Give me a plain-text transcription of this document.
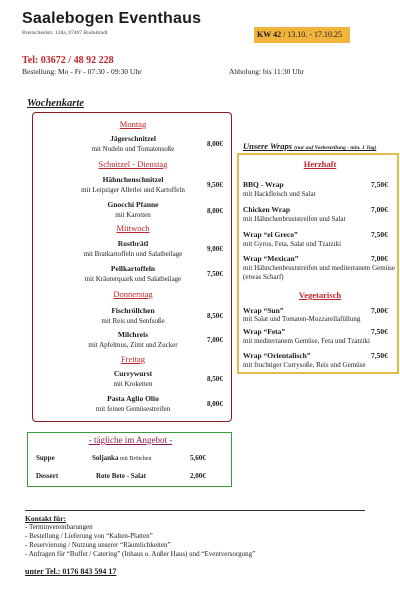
Saalebogen Eventhaus
Breitscheidstr. 128a, 07407 Rudolstadt	KW 42 / 13.10. - 17.10.25
Tel: 03672 / 48 92 228
Bestellung: Mo - Fr - 07:30 - 09:30 Uhr	Abholung: bis 11:30 Uhr
Wochenkarte
Montag
Jägerschnitzel
mit Nudeln und Tomatensoße
8,00€
Schnitzel - Dienstag
Hähnchenschnitzel
mit Leipziger Allerlei und Kartoffeln
9,50€
Gnocchi Pfanne
mit Karotten	8,00€
Mittwoch
Rostbrätl
mit Bratkartoffeln und Salatbeilage
9,00€
Pellkartoffeln
mit Kräuterquark und Salatbeilage
7,50€
Donnerstag
Fischröllchen
mit Reis und Senfsoße
8,50€
Milchreis
mit Apfelmus, Zimt und Zucker
7,00€
Freitag
Currywurst
mit Kroketten
8,50€
Pasta Aglio Olio
mit feinen Gemüsestreifen
8,00€
Unsere Wraps (nur auf Vorbestellung - min. 1 Tag)
Herzhaft
BBQ - Wrap	7,50€
mit Hackfleisch und Salat
Chicken Wrap	7,00€
mit Hähnchenbruststreifen und Salat
Wrap “el Greco”	7,50€
mit Gyros, Feta, Salat und Tzatziki
Wrap “Mexican”	7,00€
mit Hähnchenbruststreifen und mediterranem Gemüse (etwas Scharf)
Vegetarisch
Wrap “Sun”	7,00€
mit Salat und Tomaten-Mozzarellafüllung
Wrap “Feta”	7,50€
mit mediterranem Gemüse, Feta und Tzatziki
Wrap “Orientalisch”	7,50€
mit fruchtiger Currysoße, Reis und Gemüse
- tägliche im Angebot -
Suppe	Soljanka mit Brötchen	5,60€
Dessert	Rote Bete - Salat	2,00€
Kontakt für:
- Terminvereinbarungen
- Bestellung / Lieferung von “Kalten-Platten”
- Reservierung / Nutzung unserer “Räumlichkeiten”
- Anfragen für “Buffet / Catering” (Inhaus o. Außer Haus) und “Eventversorgung”
unter Tel.: 0176 843 594 17
